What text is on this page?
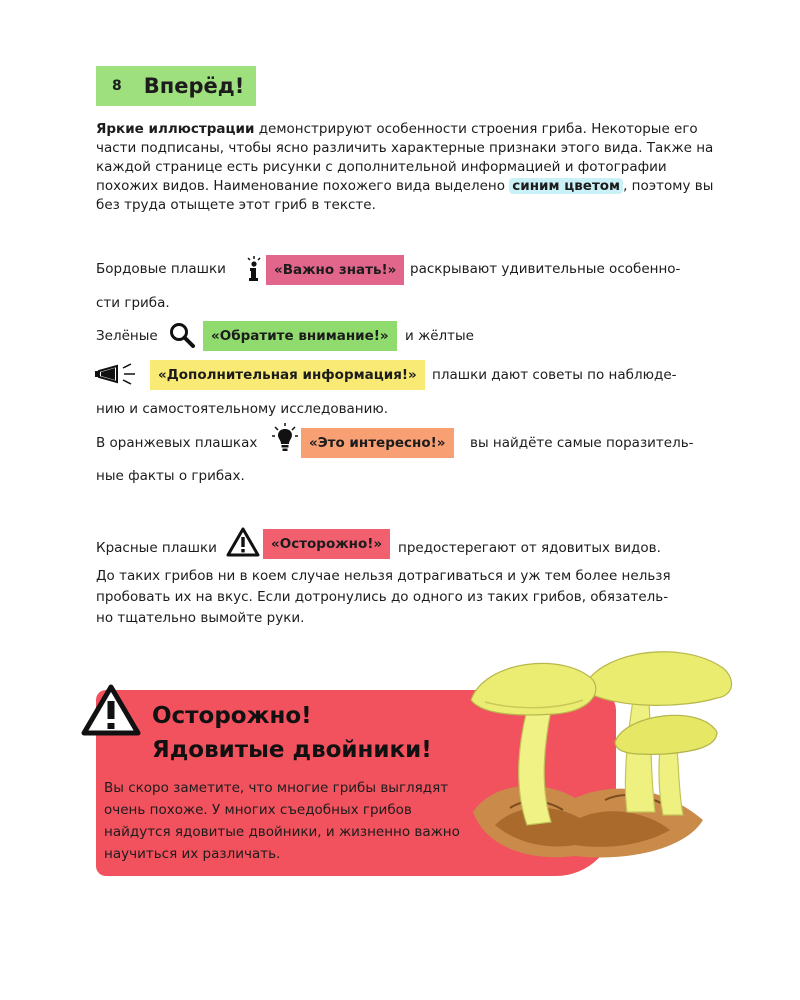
8 Вперёд!
Яркие иллюстрации демонстрируют особенности строения гриба. Некоторые его части подписаны, чтобы ясно различить характерные признаки этого вида. Также на каждой странице есть рисунки с дополнительной информацией и фотографии похожих видов. Наименование похожего вида выделено синим цветом , поэтому вы без труда отыщете этот гриб в тексте.
Бордовые плашки	«Важно знать!»	раскрывают удивительные особенно-
сти гриба.
Зелёные	«Обратите внимание!»	и жёлтые
«Дополнительная информация!»	плашки дают советы по наблюде-
нию и самостоятельному исследованию.
В оранжевых плашках	«Это интересно!»	вы найдёте самые поразитель-
ные факты о грибах.
Красные плашки	«Осторожно!»	предостерегают от ядовитых видов.
До таких грибов ни в коем случае нельзя дотрагиваться и уж тем более нельзя
пробовать их на вкус. Если дотронулись до одного из таких грибов, обязатель-
но тщательно вымойте руки.
Осторожно!
Ядовитые двойники!
Вы скоро заметите, что многие грибы выглядят очень похоже. У многих съедобных грибов найдутся ядовитые двойники, и жизненно важно научиться их различать.
